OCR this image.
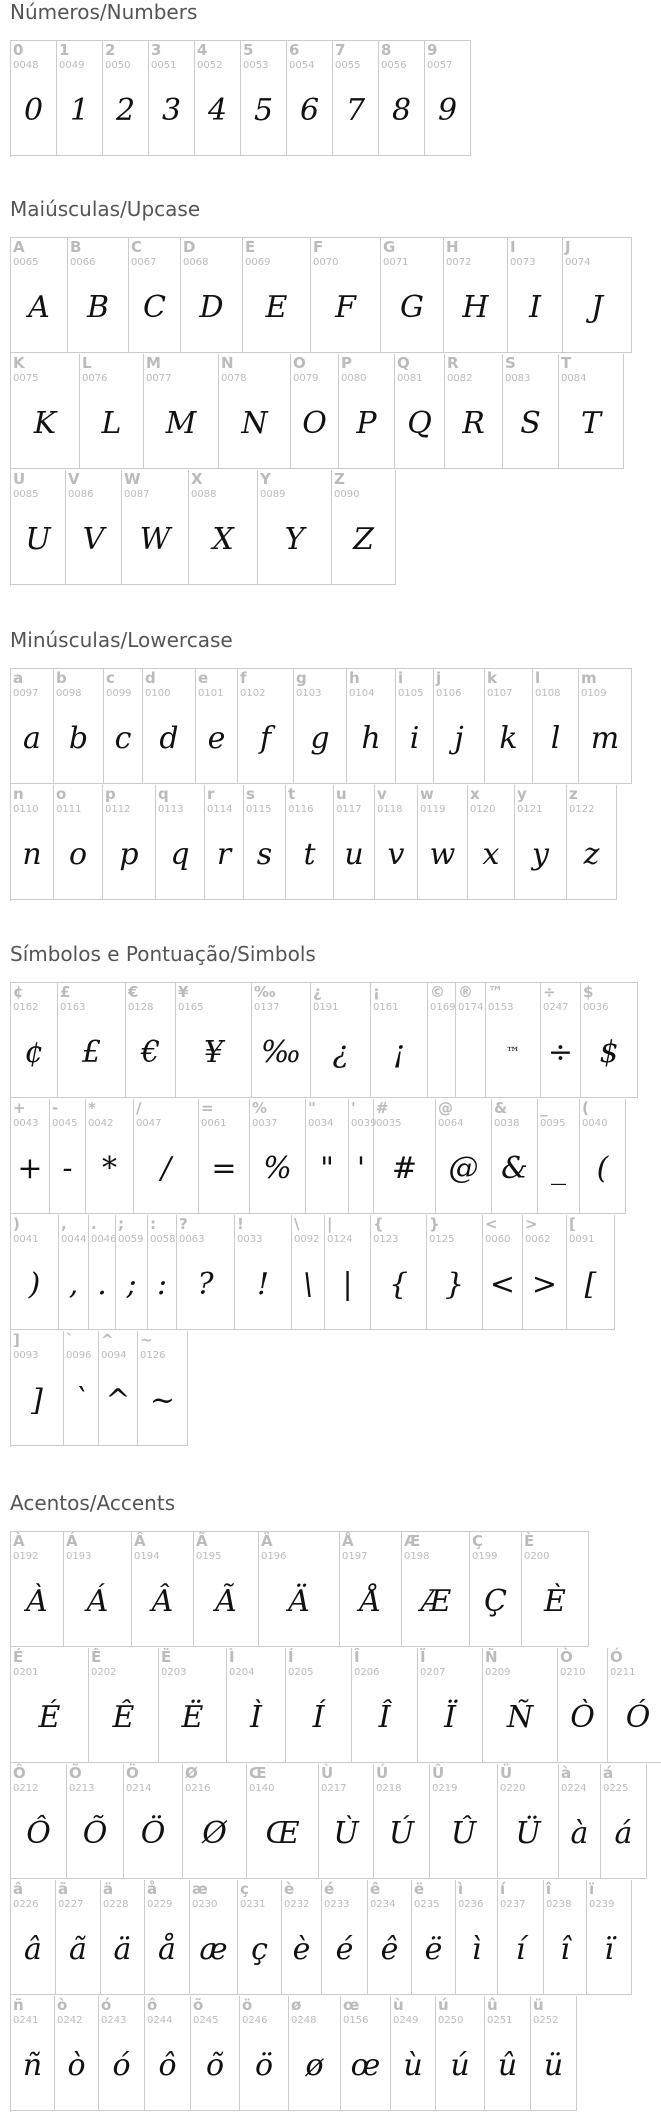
Números/Numbers
0
0048
0
1
0049
1
2
0050
2
3
0051
3
4
0052
4
5
0053
5
6
0054
6
7
0055
7
8
0056
8
9
0057
9
Maiúsculas/Upcase
A
0065
A
B
0066
B
C
0067
C
D
0068
D
E
0069
E
F
0070
F
G
0071
G
H
0072
H
I
0073
I
J
0074
J
K
0075
K
L
0076
L
M
0077
M
N
0078
N
O
0079
O
P
0080
P
Q
0081
Q
R
0082
R
S
0083
S
T
0084
T
U
0085
U
V
0086
V
W
0087
W
X
0088
X
Y
0089
Y
Z
0090
Z
Minúsculas/Lowercase
a
0097
a
b
0098
b
c
0099
c
d
0100
d
e
0101
e
f
0102
f
g
0103
g
h
0104
h
i
0105
i
j
0106
j
k
0107
k
l
0108
l
m
0109
m
n
0110
n
o
0111
o
p
0112
p
q
0113
q
r
0114
r
s
0115
s
t
0116
t
u
0117
u
v
0118
v
w
0119
w
x
0120
x
y
0121
y
z
0122
z
Símbolos e Pontuação/Simbols
¢
0162
¢
£
0163
£
€
0128
€
¥
0165
¥
‰
0137
‰
¿
0191
¿
¡
0161
¡
©
0169
®
0174
™
0153
™
÷
0247
÷
$
0036
$
+
0043
+
-
0045
-
*
0042
*
/
0047
/
=
0061
=
%
0037
%
"
0034
"
'
0039
'
#
0035
#
@
0064
@
&
0038
&
_
0095
_
(
0040
(
)
0041
)
,
0044
,
.
0046
.
;
0059
;
:
0058
:
?
0063
?
!
0033
!
\
0092
\
|
0124
|
{
0123
{
}
0125
}
<
0060
<
>
0062
>
[
0091
[
]
0093
]
`
0096
`
^
0094
^
~
0126
~
Acentos/Accents
À
0192
À
Á
0193
Á
Â
0194
Â
Ã
0195
Ã
Ä
0196
Ä
Å
0197
Å
Æ
0198
Æ
Ç
0199
Ç
È
0200
È
É
0201
É
Ê
0202
Ê
Ë
0203
Ë
Ì
0204
Ì
Í
0205
Í
Î
0206
Î
Ï
0207
Ï
Ñ
0209
Ñ
Ò
0210
Ò
Ó
0211
Ó
Ô
0212
Ô
Õ
0213
Õ
Ö
0214
Ö
Ø
0216
Ø
Œ
0140
Œ
Ù
0217
Ù
Ú
0218
Ú
Û
0219
Û
Ü
0220
Ü
à
0224
à
á
0225
á
â
0226
â
ã
0227
ã
ä
0228
ä
å
0229
å
æ
0230
æ
ç
0231
ç
è
0232
è
é
0233
é
ê
0234
ê
ë
0235
ë
ì
0236
ì
í
0237
í
î
0238
î
ï
0239
ï
ñ
0241
ñ
ò
0242
ò
ó
0243
ó
ô
0244
ô
õ
0245
õ
ö
0246
ö
ø
0248
ø
œ
0156
œ
ù
0249
ù
ú
0250
ú
û
0251
û
ü
0252
ü
